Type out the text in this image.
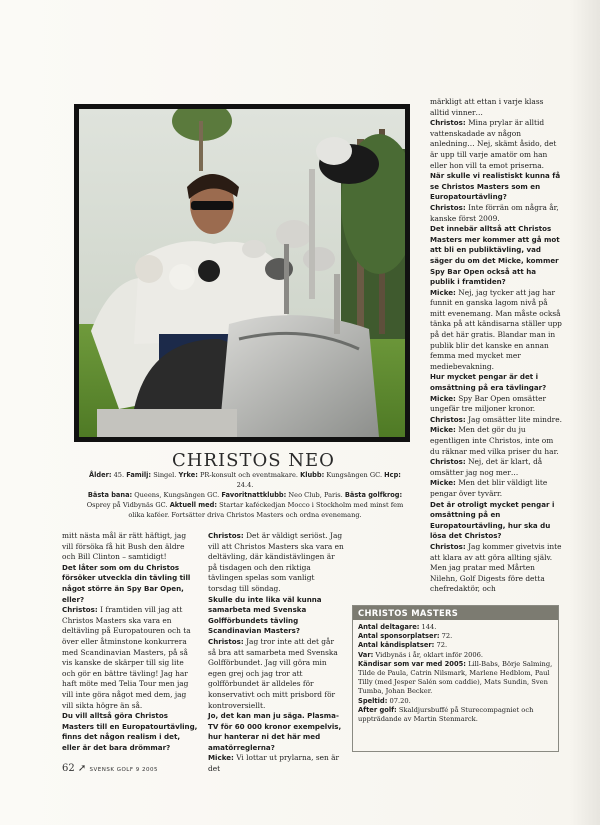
CHRISTOS NEO
Ålder: 45. Familj: Singel. Yrke: PR-konsult och eventmakare. Klubb: Kungsängen GC. Hcp: 24.4.
Bästa bana: Queens, Kungsängen GC. Favoritnattklubb: Neo Club, Paris. Bästa golfkrog: Osprey på Vidbynäs GC. Aktuell med: Startar kaféckedjan Mocco i Stockholm med minst fem olika kaféer. Fortsätter driva Christos Masters och ordna evenemang.

mitt nästa mål är rätt häftigt, jag vill försöka få hit Bush den äldre och Bill Clinton – samtidigt!

Det låter som om du Christos försöker utveckla din tävling till något större än Spy Bar Open, eller?

Christos: I framtiden vill jag att Christos Masters ska vara en deltävling på Europatouren och ta över eller åtminstone konkurrera med Scandinavian Masters, på så vis kanske de skärper till sig lite och gör en bättre tävling! Jag har haft möte med Telia Tour men jag vill inte göra något med dem, jag vill sikta högre än så.

Du vill alltså göra Christos Masters till en Europatourtävling, finns det någon realism i det, eller är det bara drömmar?

Christos: Det är väldigt seriöst. Jag vill att Christos Masters ska vara en deltävling, där kändistävlingen är på tisdagen och den riktiga tävlingen spelas som vanligt torsdag till söndag.

Skulle du inte lika väl kunna samarbeta med Svenska Golfförbundets tävling Scandinavian Masters?

Christos: Jag tror inte att det går så bra att samarbeta med Svenska Golfförbundet. Jag vill göra min egen grej och jag tror att golfförbundet är alldeles för konservativt och mitt prisbord för kontroversiellt.

Jo, det kan man ju säga. Plasma-TV för 60 000 kronor exempelvis, hur hanterar ni det här med amatörreglerna?

Micke: Vi lottar ut prylarna, sen är det

märkligt att ettan i varje klass alltid vinner…

Christos: Mina prylar är alltid vattenskadade av någon anledning… Nej, skämt åsido, det är upp till varje amatör om han eller hon vill ta emot priserna.

När skulle vi realistiskt kunna få se Christos Masters som en Europatourtävling?

Christos: Inte förrän om några år, kanske först 2009.

Det innebär alltså att Christos Masters mer kommer att gå mot att bli en publiktävling, vad säger du om det Micke, kommer Spy Bar Open också att ha publik i framtiden?

Micke: Nej, jag tycker att jag har funnit en ganska lagom nivå på mitt evenemang. Man måste också tänka på att kändisarna ställer upp på det här gratis. Blandar man in publik blir det kanske en annan femma med mycket mer mediebevakning.

Hur mycket pengar är det i omsättning på era tävlingar?

Micke: Spy Bar Open omsätter ungefär tre miljoner kronor.

Christos: Jag omsätter lite mindre.

Micke: Men det gör du ju egentligen inte Christos, inte om du räknar med vilka priser du har.

Christos: Nej, det är klart, då omsätter jag nog mer…

Micke: Men det blir väldigt lite pengar över tyvärr.

Det är otroligt mycket pengar i omsättning på en Europatourtävling, hur ska du lösa det Christos?

Christos: Jag kommer givetvis inte att klara av att göra allting själv. Men jag pratar med Mårten Nilehn, Golf Digests före detta chefredaktör, och

CHRISTOS MASTERS
Antal deltagare: 144.
Antal sponsorplatser: 72.
Antal kändisplatser: 72.
Var: Vidbynäs i år, oklart inför 2006.
Kändisar som var med 2005: Lill-Babs, Börje Salming, Tilde de Paula, Catrin Nilsmark, Marlene Hedblom, Paul Tilly (med Jesper Salén som caddie), Mats Sundin, Sven Tumba, Johan Becker.
Speltid: 07.20.
After golf: Skaldjursbuffé på Sturecompagniet och uppträdande av Martin Stenmarck.
62 ➚ SVENSK GOLF 9 2005
